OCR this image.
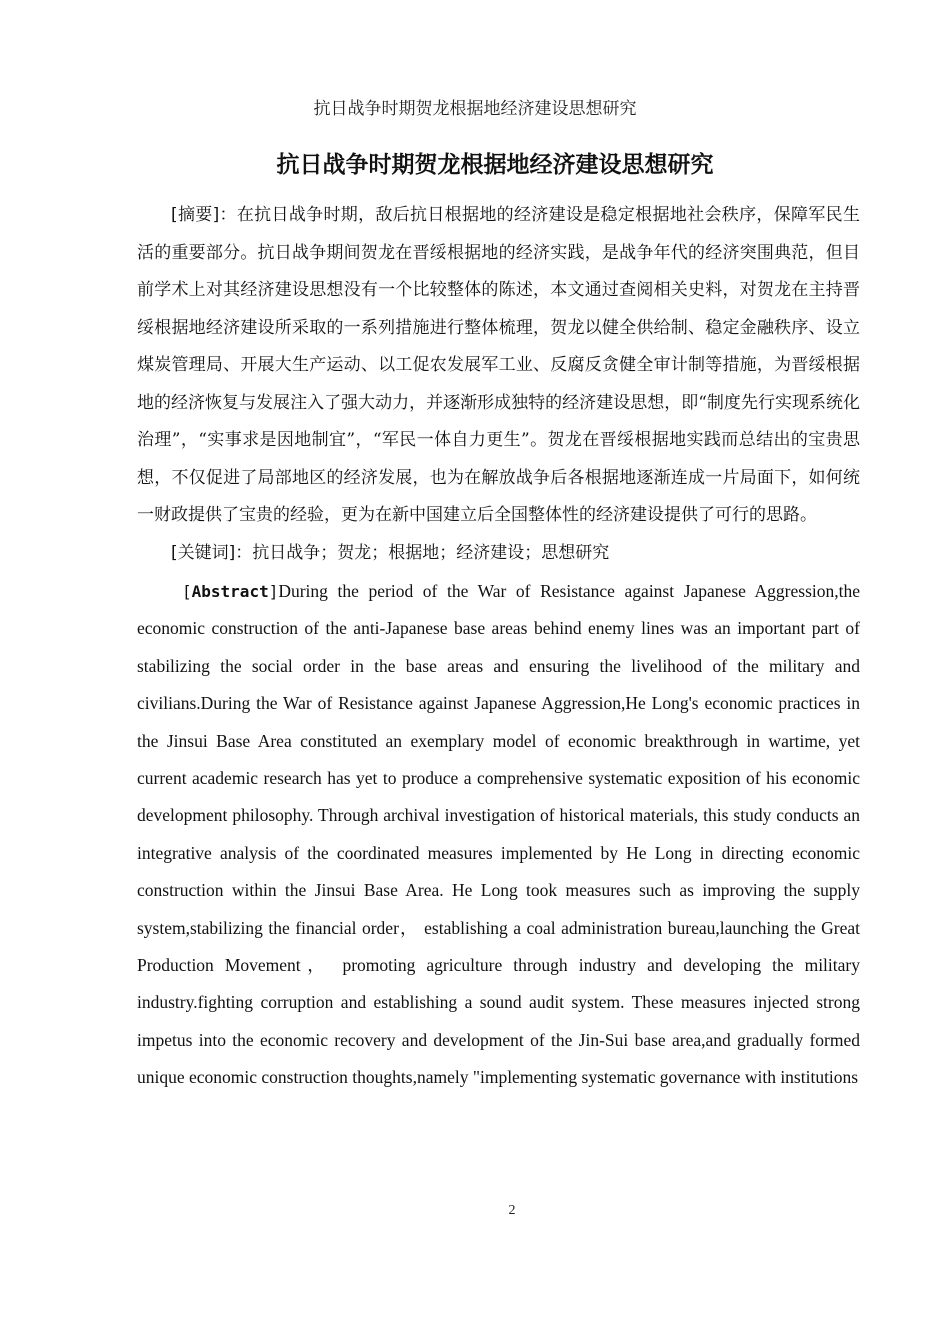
抗日战争时期贺龙根据地经济建设思想研究
抗日战争时期贺龙根据地经济建设思想研究

[摘要]：在抗日战争时期，敌后抗日根据地的经济建设是稳定根据地社会秩序，保障军民生活的重要部分。抗日战争期间贺龙在晋绥根据地的经济实践，是战争年代的经济突围典范，但目前学术上对其经济建设思想没有一个比较整体的陈述，本文通过查阅相关史料，对贺龙在主持晋绥根据地经济建设所采取的一系列措施进行整体梳理，贺龙以健全供给制、稳定金融秩序、设立煤炭管理局、开展大生产运动、以工促农发展军工业、反腐反贪健全审计制等措施，为晋绥根据地的经济恢复与发展注入了强大动力，并逐渐形成独特的经济建设思想，即“制度先行实现系统化治理”，“实事求是因地制宜”，“军民一体自力更生”。贺龙在晋绥根据地实践而总结出的宝贵思想，不仅促进了局部地区的经济发展，也为在解放战争后各根据地逐渐连成一片局面下，如何统一财政提供了宝贵的经验，更为在新中国建立后全国整体性的经济建设提供了可行的思路。

[关键词]：抗日战争；贺龙；根据地；经济建设；思想研究

[Abstract]During the period of the War of Resistance against Japanese Aggression,the economic construction of the anti-Japanese base areas behind enemy lines was an important part of stabilizing the social order in the base areas and ensuring the livelihood of the military and civilians.During the War of Resistance against Japanese Aggression,He Long's economic practices in the Jinsui Base Area constituted an exemplary model of economic breakthrough in wartime, yet current academic research has yet to produce a comprehensive systematic exposition of his economic development philosophy. Through archival investigation of historical materials, this study conducts an integrative analysis of the coordinated measures implemented by He Long in directing economic construction within the Jinsui Base Area. He Long took measures such as improving the supply system,stabilizing the financial order， establishing a coal administration bureau,launching the Great Production Movement， promoting agriculture through industry and developing the military industry.fighting corruption and establishing a sound audit system. These measures injected strong impetus into the economic recovery and development of the Jin-Sui base area,and gradually formed unique economic construction thoughts,namely "implementing systematic governance with institutions

2
